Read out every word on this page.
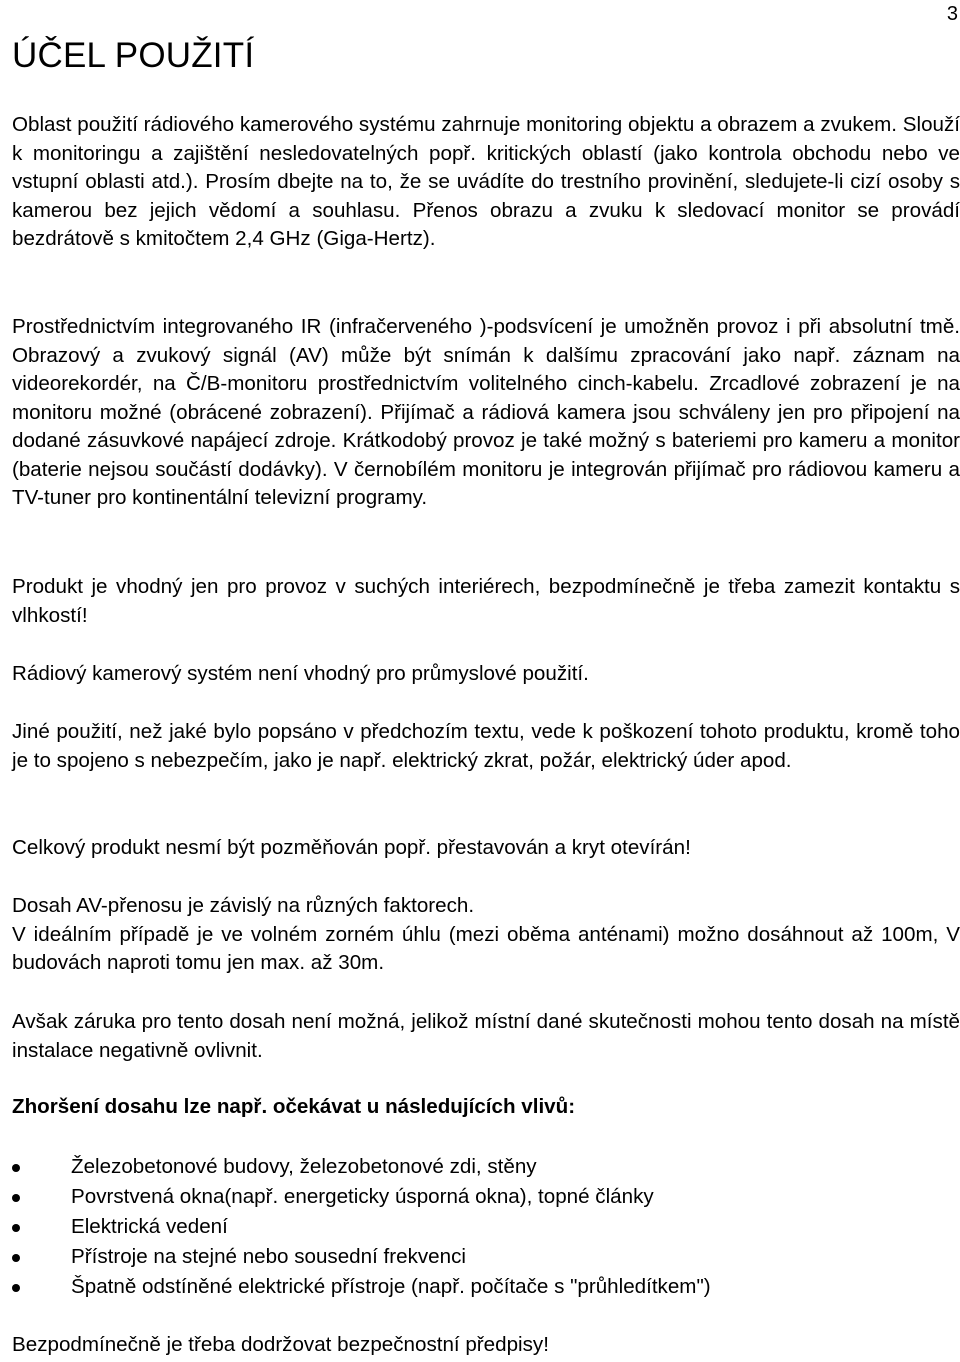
3
ÚČEL POUŽITÍ

Oblast použití rádiového kamerového systému zahrnuje monitoring objektu a obrazem a zvukem. Slouží k monitoringu a zajištění nesledovatelných popř. kritických oblastí (jako kontrola obchodu nebo ve vstupní oblasti atd.). Prosím dbejte na to, že se uvádíte do trestního provinění, sledujete-li cizí osoby s kamerou bez jejich vědomí a souhlasu. Přenos obrazu a zvuku k sledovací monitor se provádí bezdrátově s kmitočtem 2,4 GHz (Giga-Hertz).

Prostřednictvím integrovaného IR (infračerveného )-podsvícení je umožněn provoz i při absolutní tmě. Obrazový a zvukový signál (AV) může být snímán k dalšímu zpracování jako např. záznam na videorekordér, na Č/B-monitoru prostřednictvím volitelného cinch-kabelu. Zrcadlové zobrazení je na monitoru možné (obrácené zobrazení). Přijímač a rádiová kamera jsou schváleny jen pro připojení na dodané zásuvkové napájecí zdroje. Krátkodobý provoz je také možný s bateriemi pro kameru a monitor (baterie nejsou součástí dodávky). V černobílém monitoru je integrován přijímač pro rádiovou kameru a TV-tuner pro kontinentální televizní programy.

Produkt je vhodný jen pro provoz v suchých interiérech, bezpodmínečně je třeba zamezit kontaktu s vlhkostí!

Rádiový kamerový systém není vhodný pro průmyslové použití.

Jiné použití, než jaké bylo popsáno v předchozím textu, vede k poškození tohoto produktu, kromě toho je to spojeno s nebezpečím, jako je např. elektrický zkrat, požár, elektrický úder apod.

Celkový produkt nesmí být pozměňován popř. přestavován a kryt otevírán!

Dosah AV-přenosu je závislý na různých faktorech.
V ideálním případě je ve volném zorném úhlu (mezi oběma anténami) možno dosáhnout až 100m, V budovách naproti tomu jen max. až 30m.

Avšak záruka pro tento dosah není možná, jelikož místní dané skutečnosti mohou tento dosah na místě instalace negativně ovlivnit.

Zhoršení dosahu lze např. očekávat u následujících vlivů:

Železobetonové budovy, železobetonové zdi, stěny
Povrstvená okna(např. energeticky úsporná okna), topné články
Elektrická vedení
Přístroje na stejné nebo sousední frekvenci
Špatně odstíněné elektrické přístroje (např. počítače s "průhledítkem")

Bezpodmínečně je třeba dodržovat bezpečnostní předpisy!
